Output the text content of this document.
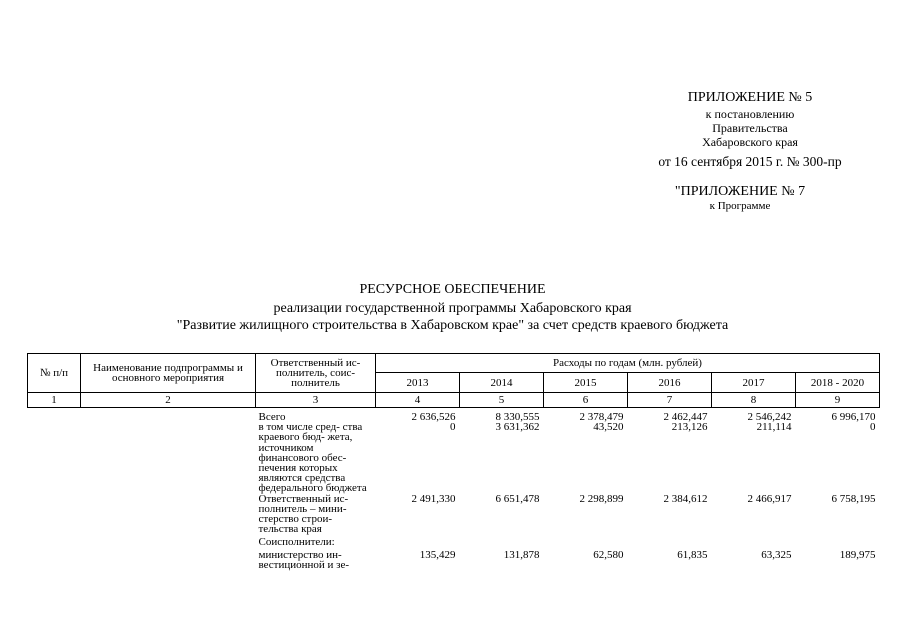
ПРИЛОЖЕНИЕ № 5
к постановлению
Правительства
Хабаровского края
от 16 сентября 2015 г. № 300-пр
"ПРИЛОЖЕНИЕ № 7
к Программе
РЕСУРСНОЕ ОБЕСПЕЧЕНИЕ
реализации государственной программы Хабаровского края
"Развитие жилищного строительства в Хабаровском крае" за счет средств краевого бюджета
№ п/п	Наименование подпрограммы и основного мероприятия	Ответственный ис- полнитель, соис- полнитель	Расходы по годам (млн. рублей)					
			2013	2014	2015	2016	2017	2018 - 2020
1	2	3	4	5	6	7	8	9

		Всего	2 636,526	8 330,555	2 378,479	2 462,447	2 546,242	6 996,170
		в том числе сред- ства краевого бюд- жета, источником финансового обес- печения которых являются средства федерального бюджета	0	3 631,362	43,520	213,126	211,114	0
		Ответственный ис- полнитель – мини- стерство строи- тельства края	2 491,330	6 651,478	2 298,899	2 384,612	2 466,917	6 758,195
		Соисполнители:						
		министерство ин- вестиционной и зе-	135,429	131,878	62,580	61,835	63,325	189,975
